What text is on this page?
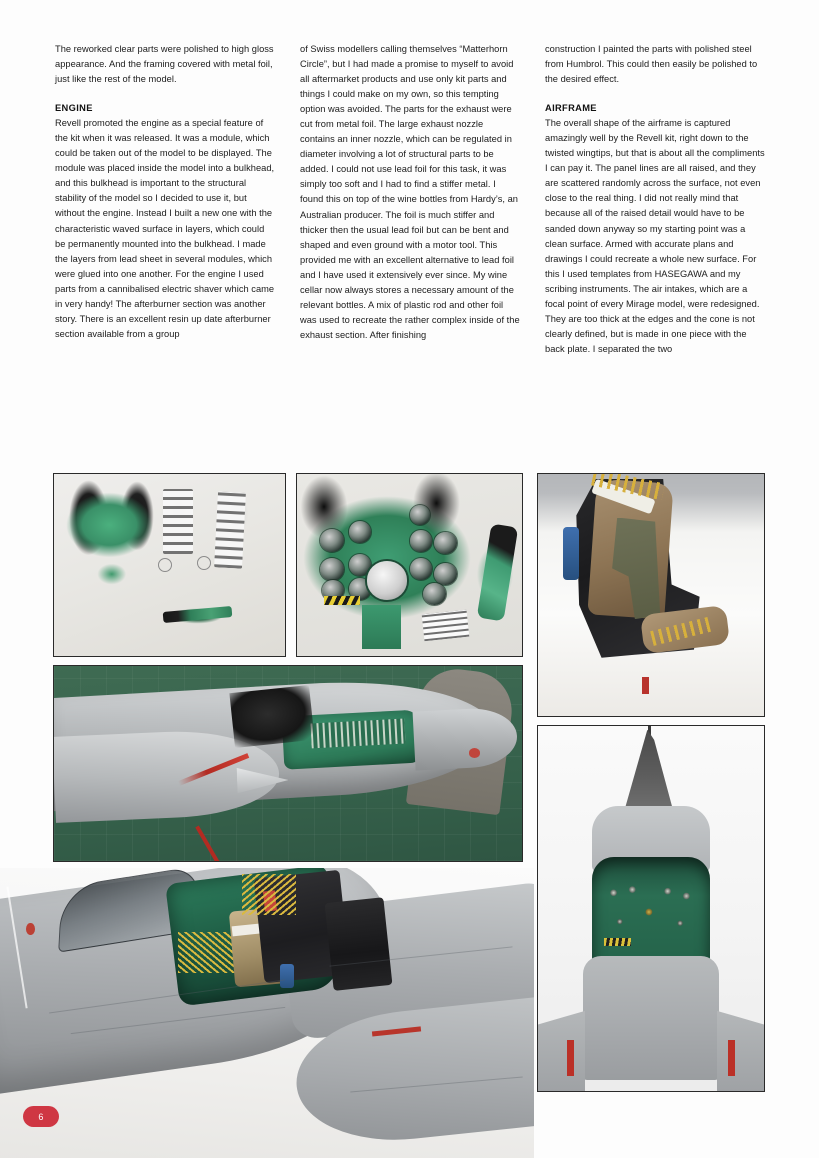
The reworked clear parts were polished to high gloss appearance. And the framing covered with metal foil, just like the rest of the model.

ENGINE

Revell promoted the engine as a special feature of the kit when it was released. It was a module, which could be taken out of the model to be displayed. The module was placed inside the model into a bulkhead, and this bulkhead is important to the structural stability of the model so I decided to use it, but without the engine. Instead I built a new one with the characteristic waved surface in layers, which could be permanently mounted into the bulkhead. I made the layers from lead sheet in several modules, which were glued into one another. For the engine I used parts from a cannibalised electric shaver which came in very handy! The afterburner section was another story. There is an excellent resin up date afterburner section available from a group

of Swiss modellers calling themselves “Matterhorn Circle”, but I had made a promise to myself to avoid all aftermarket products and use only kit parts and things I could make on my own, so this tempting option was avoided. The parts for the exhaust were cut from metal foil. The large exhaust nozzle contains an inner nozzle, which can be regulated in diameter involving a lot of structural parts to be added. I could not use lead foil for this task, it was simply too soft and I had to find a stiffer metal. I found this on top of the wine bottles from Hardy’s, an Australian producer. The foil is much stiffer and thicker then the usual lead foil but can be bent and shaped and even ground with a motor tool. This provided me with an excellent alternative to lead foil and I have used it extensively ever since. My wine cellar now always stores a necessary amount of the relevant bottles. A mix of plastic rod and other foil was used to recreate the rather complex inside of the exhaust section. After finishing

construction I painted the parts with polished steel from Humbrol. This could then easily be polished to the desired effect.

AIRFRAME

The overall shape of the airframe is captured amazingly well by the Revell kit, right down to the twisted wingtips, but that is about all the compliments I can pay it. The panel lines are all raised, and they are scattered randomly across the surface, not even close to the real thing. I did not really mind that because all of the raised detail would have to be sanded down anyway so my starting point was a clean surface. Armed with accurate plans and drawings I could recreate a whole new surface. For this I used templates from HASEGAWA and my scribing instruments. The air intakes, which are a focal point of every Mirage model, were redesigned. They are too thick at the edges and the cone is not clearly defined, but is made in one piece with the back plate. I separated the two

6
